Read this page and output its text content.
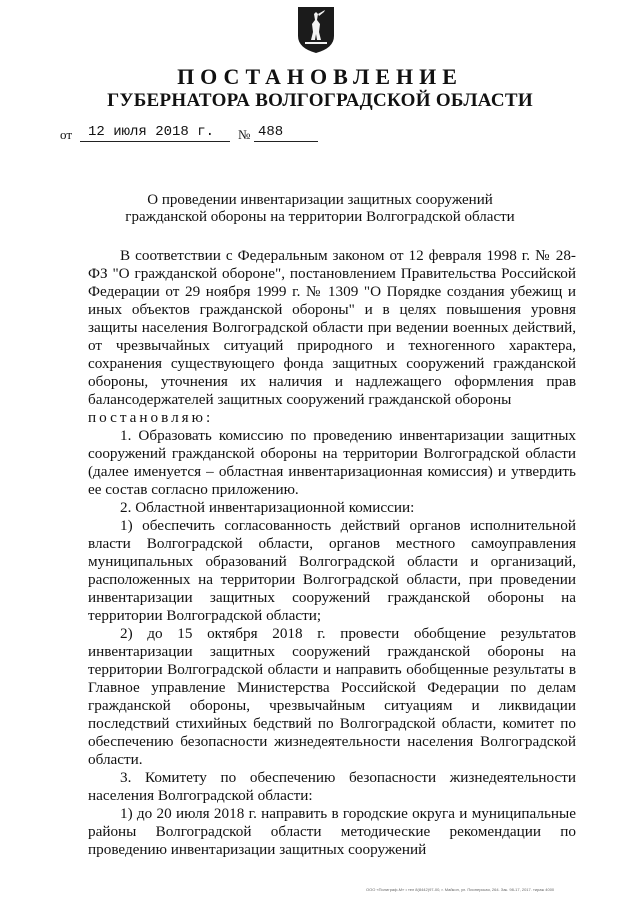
ПОСТАНОВЛЕНИЕ
ГУБЕРНАТОРА ВОЛГОГРАДСКОЙ ОБЛАСТИ
от 12 июля 2018 г. № 488
О проведении инвентаризации защитных сооружений
гражданской обороны на территории Волгоградской области

В соответствии с Федеральным законом от 12 февраля 1998 г. № 28-ФЗ "О гражданской обороне", постановлением Правительства Российской Федерации от 29 ноября 1999 г. № 1309 "О Порядке создания убежищ и иных объектов гражданской обороны" и в целях повышения уровня защиты населения Волгоградской области при ведении военных действий, от чрезвычайных ситуаций природного и техногенного характера, сохранения существующего фонда защитных сооружений гражданской обороны, уточнения их наличия и надлежащего оформления прав балансодержателей защитных сооружений гражданской обороны

постановляю:

1. Образовать комиссию по проведению инвентаризации защитных сооружений гражданской обороны на территории Волгоградской области (далее именуется – областная инвентаризационная комиссия) и утвердить ее состав согласно приложению.

2. Областной инвентаризационной комиссии:

1) обеспечить согласованность действий органов исполнительной власти Волгоградской области, органов местного самоуправления муниципальных образований Волгоградской области и организаций, расположенных на территории Волгоградской области, при проведении инвентаризации защитных сооружений гражданской обороны на территории Волгоградской области;

2) до 15 октября 2018 г. провести обобщение результатов инвентаризации защитных сооружений гражданской обороны на территории Волгоградской области и направить обобщенные результаты в Главное управление Министерства Российской Федерации по делам гражданской обороны, чрезвычайным ситуациям и ликвидации последствий стихийных бедствий по Волгоградской области, комитет по обеспечению безопасности жизнедеятельности населения Волгоградской области.

3. Комитету по обеспечению безопасности жизнедеятельности населения Волгоградской области:

1) до 20 июля 2018 г. направить в городские округа и муниципальные районы Волгоградской области методические рекомендации по проведению инвентаризации защитных сооружений

ООО «Полиграф-М» • тел 8(8442)97-00, г. Майкоп, ул. Пионерская, 264. Зак. 98-17, 2017. тираж 4000
